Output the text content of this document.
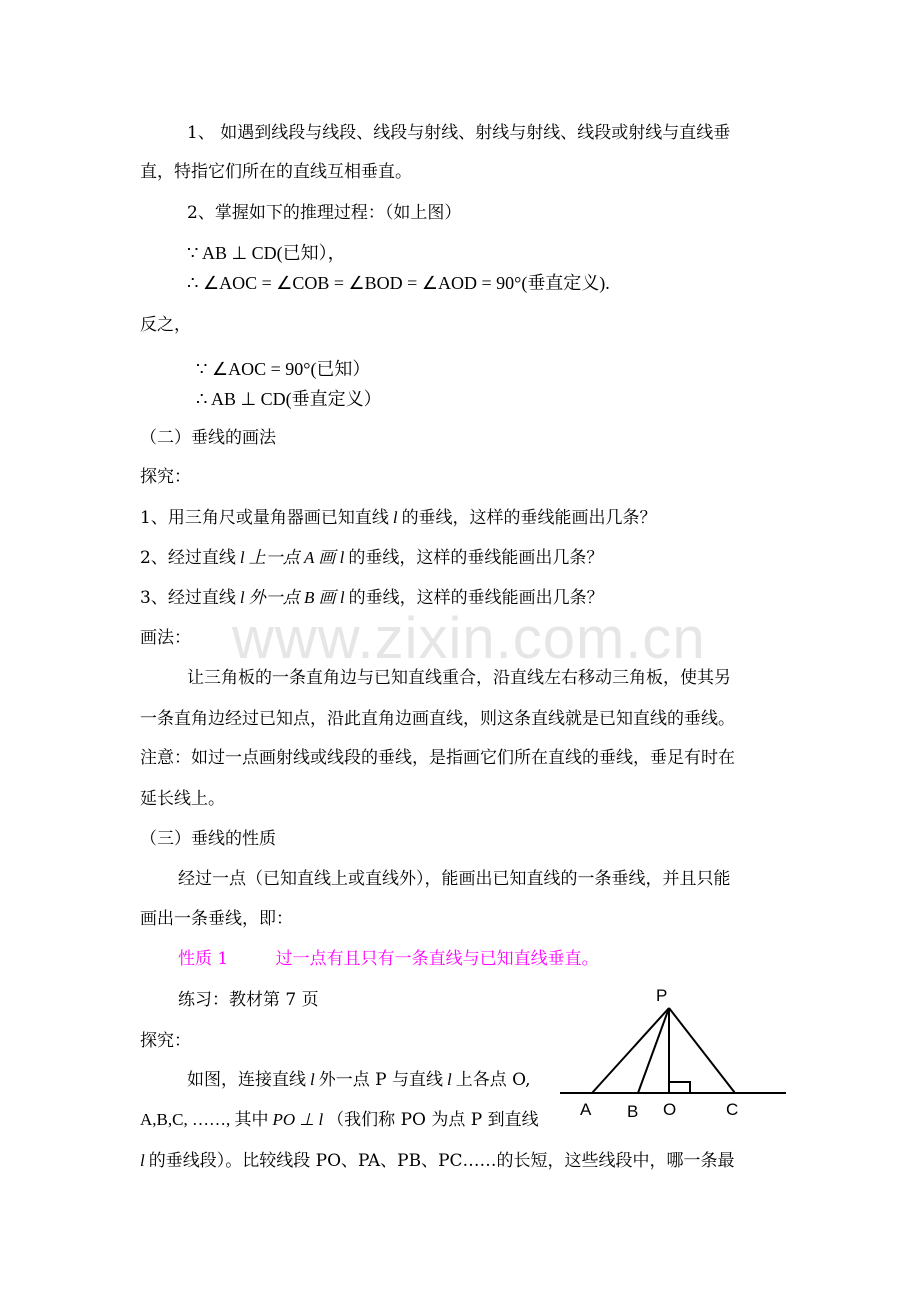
www.zixin.com.cn

1、 如遇到线段与线段、线段与射线、射线与射线、线段或射线与直线垂

直，特指它们所在的直线互相垂直。

2、掌握如下的推理过程：（如上图）

∵ AB ⊥ CD(已知），

∴ ∠AOC = ∠COB = ∠BOD = ∠AOD = 90°(垂直定义).

反之，

∵ ∠AOC = 90°(已知）

∴ AB ⊥ CD(垂直定义）

（二）垂线的画法

探究：

1、用三角尺或量角器画已知直线 l 的垂线，这样的垂线能画出几条？

2、经过直线 l 上一点 A 画 l 的垂线，这样的垂线能画出几条？

3、经过直线 l 外一点 B 画 l 的垂线，这样的垂线能画出几条？

画法：

让三角板的一条直角边与已知直线重合，沿直线左右移动三角板，使其另

一条直角边经过已知点，沿此直角边画直线，则这条直线就是已知直线的垂线。

注意：如过一点画射线或线段的垂线，是指画它们所在直线的垂线，垂足有时在

延长线上。

（三）垂线的性质

经过一点（已知直线上或直线外），能画出已知直线的一条垂线，并且只能

画出一条垂线，即：

性质 1	过一点有且只有一条直线与已知直线垂直。

练习：教材第 7 页

探究：

如图，连接直线 l 外一点 P 与直线 l 上各点 O,

A,B,C, ……, 其中 PO ⊥ l （我们称 PO 为点 P 到直线

l 的垂线段）。比较线段 PO、PA、PB、PC……的长短，这些线段中，哪一条最

P
A B O	C
